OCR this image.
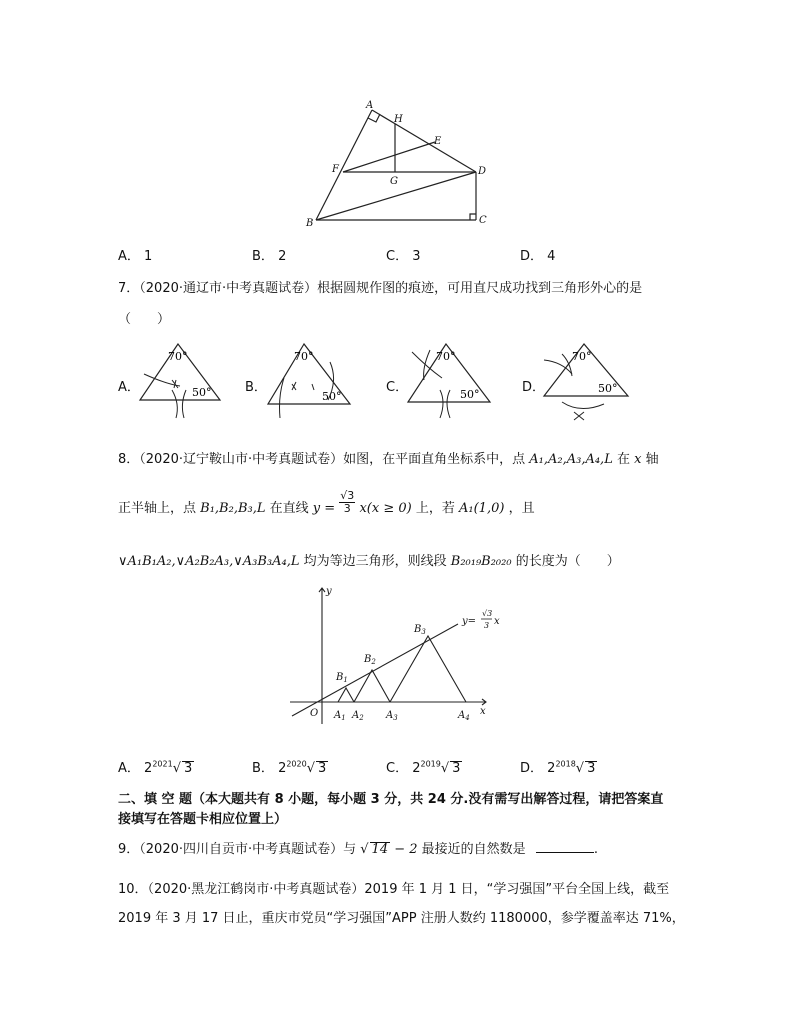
A
H
E
F
G
D
B	C
A． 1	B． 2	C． 3	D． 4
7．（2020·通辽市·中考真题试卷）根据圆规作图的痕迹，可用直尺成功找到三角形外心的是
（　　）
A．
70°
50°	B．
70°
50°
C．
70°
50°	D．
70°
50°
8．（2020·辽宁鞍山市·中考真题试卷）如图，在平面直角坐标系中，点 A₁,A₂,A₃,A₄,L 在 x 轴
正半轴上，点 B₁,B₂,B₃,L 在直线 $y = \frac{√3}{3} x(x \ge 0)$ 上，若 A₁(1,0) ，且
∨A₁B₁A₂,∨A₂B₂A₃,∨A₃B₃A₄,L 均为等边三角形，则线段 B₂₀₁₉B₂₀₂₀ 的长度为（　　）
y
x
O $A_1$ $A_2$ $A_3$	$A_4$
$B_1$
$B_2$
$B_3$
y=
√3
3 x
A． $2^{2021}√$ 3	B． $2^{2020}√$ 3	C． $2^{2019}√$ 3	D． $2^{2018}√$ 3
二、填 空 题（本大题共有 8 小题，每小题 3 分，共 24 分.没有需写出解答过程，请把答案直
接填写在答题卡相应位置上）
9．（2020·四川自贡市·中考真题试卷）与 √ 14 − 2 最接近的自然数是	.
10．（2020·黑龙江鹤岗市·中考真题试卷）2019 年 1 月 1 日，“学习强国”平台全国上线，截至
2019 年 3 月 17 日止，重庆市党员“学习强国”APP 注册人数约 1180000，参学覆盖率达 71%，
